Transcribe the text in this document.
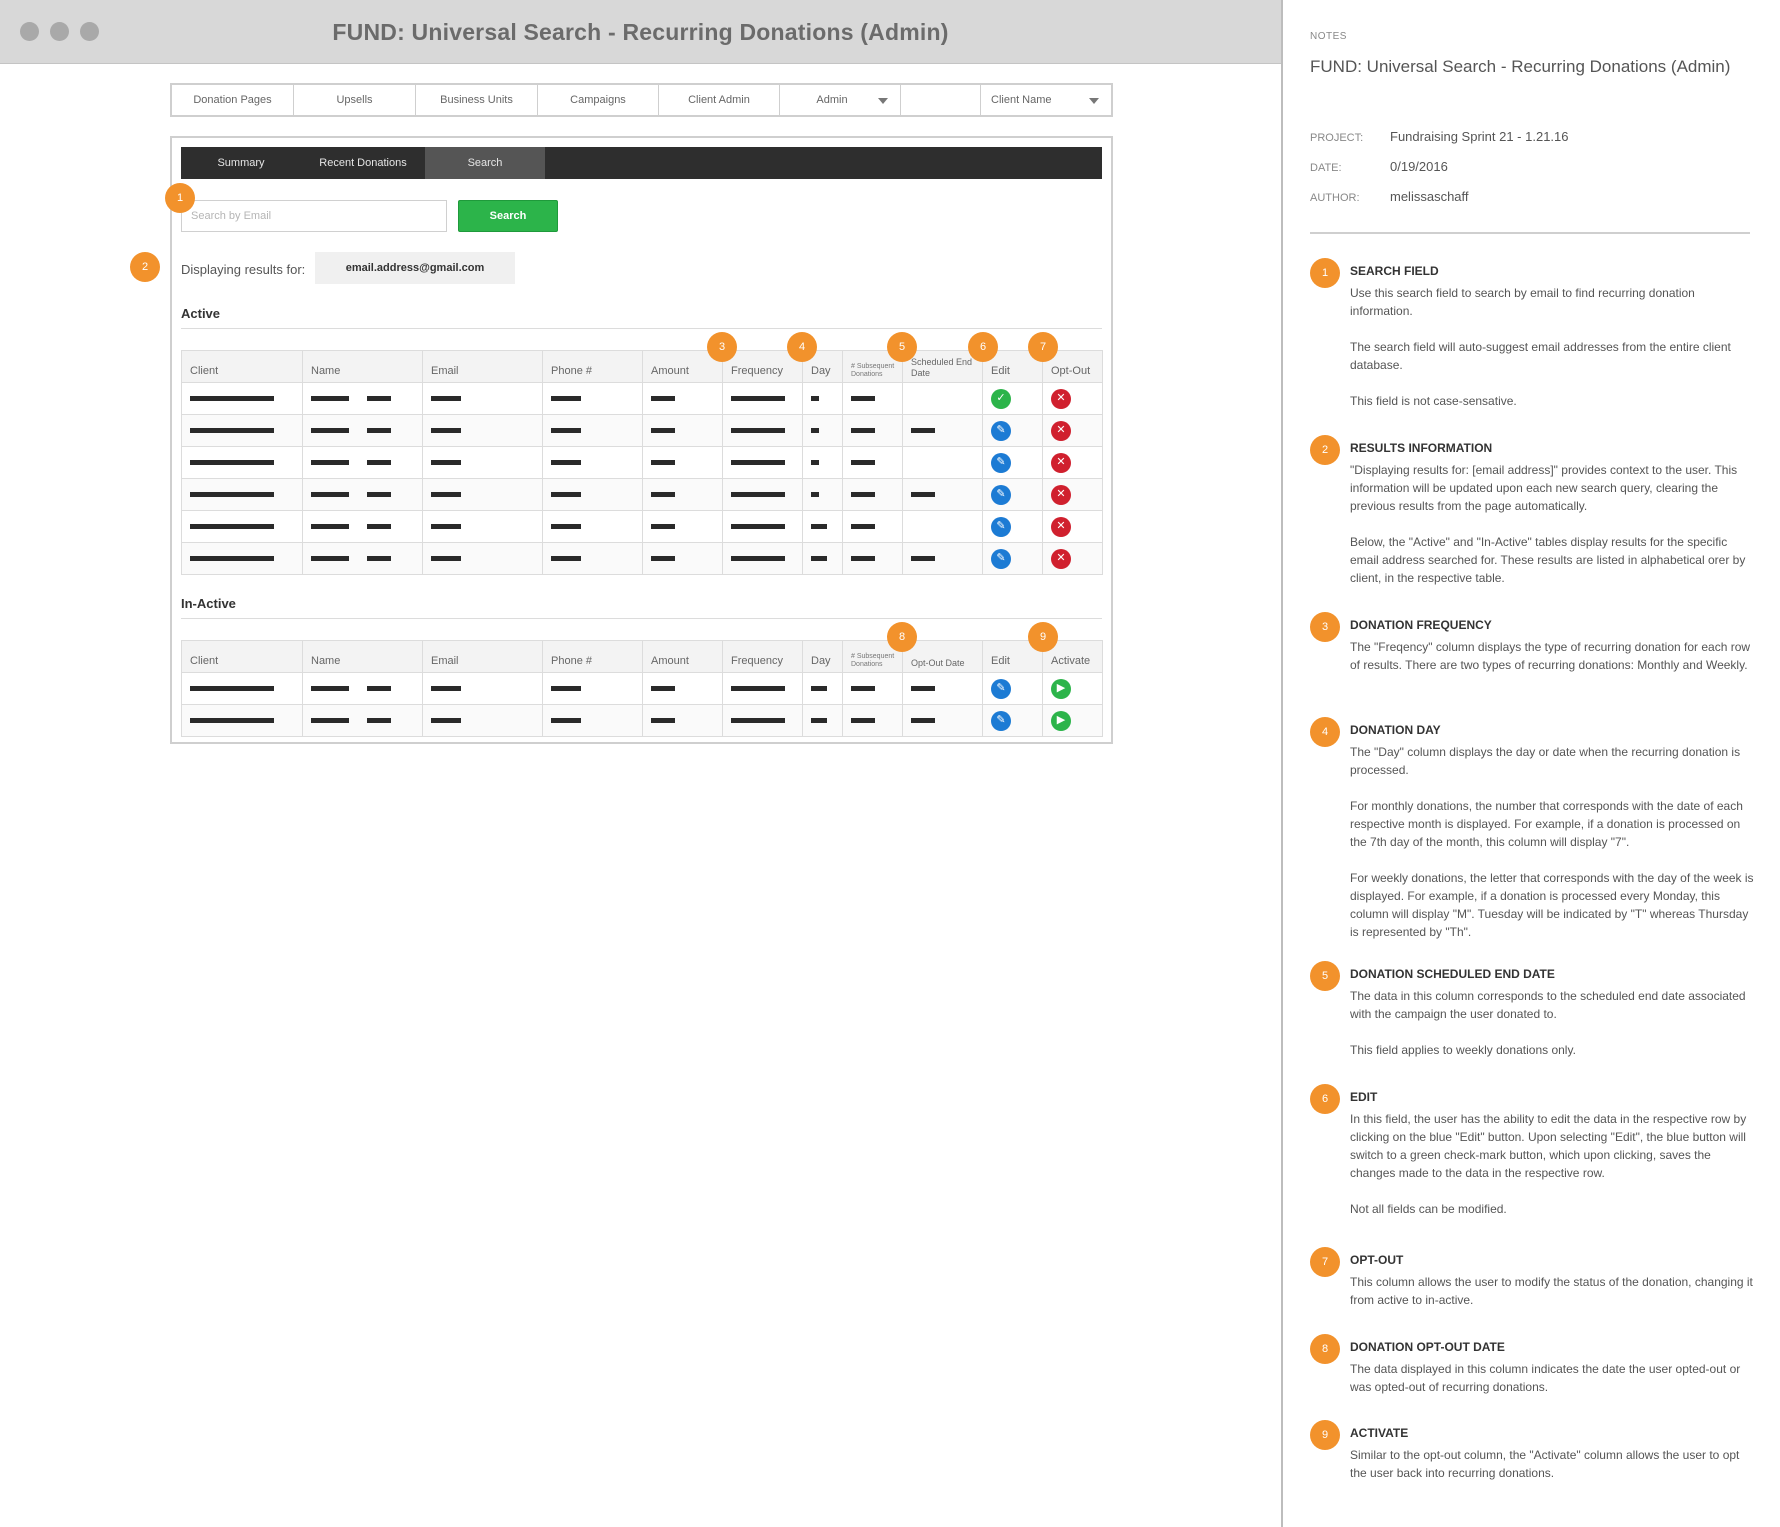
FUND: Universal Search - Recurring Donations (Admin)
Donation Pages	Upsells	Business Units	Campaigns	Client Admin	Admin	Client Name
Summary	Recent Donations	Search
Search by Email
Search
Displaying results for:	email.address@gmail.com
Active
Client	Name	Email	Phone #	Amount	Frequency	Day	# Subsequent Donations	Scheduled End Date	Edit	Opt-Out
									✓	✕
									✎	✕
									✎	✕
									✎	✕
									✎	✕
									✎	✕
In-Active
Client	Name	Email	Phone #	Amount	Frequency	Day	# Subsequent Donations	Opt-Out Date	Edit	Activate
									✎	▶
									✎	▶
1
2
3	4	5	6	7
8	9
NOTES
FUND: Universal Search - Recurring Donations (Admin)
PROJECT: Fundraising Sprint 21 - 1.21.16
DATE:	0/19/2016
AUTHOR: melissaschaff
1	SEARCH FIELD
Use this search field to search by email to find recurring donation information.
The search field will auto-suggest email addresses from the entire client database.
This field is not case-sensative.
2	RESULTS INFORMATION
"Displaying results for: [email address]" provides context to the user. This information will be updated upon each new search query, clearing the previous results from the page automatically.
Below, the "Active" and "In-Active" tables display results for the specific email address searched for. These results are listed in alphabetical orer by client, in the respective table.
3	DONATION FREQUENCY
The "Freqency" column displays the type of recurring donation for each row of results. There are two types of recurring donations: Monthly and Weekly.
4	DONATION DAY
The "Day" column displays the day or date when the recurring donation is processed.
For monthly donations, the number that corresponds with the date of each respective month is displayed. For example, if a donation is processed on the 7th day of the month, this column will display "7".
For weekly donations, the letter that corresponds with the day of the week is displayed. For example, if a donation is processed every Monday, this column will display "M". Tuesday will be indicated by "T" whereas Thursday is represented by "Th".
5	DONATION SCHEDULED END DATE
The data in this column corresponds to the scheduled end date associated with the campaign the user donated to.
This field applies to weekly donations only.
6	EDIT
In this field, the user has the ability to edit the data in the respective row by clicking on the blue "Edit" button. Upon selecting "Edit", the blue button will switch to a green check-mark button, which upon clicking, saves the changes made to the data in the respective row.
Not all fields can be modified.
7	OPT-OUT
This column allows the user to modify the status of the donation, changing it from active to in-active.
8	DONATION OPT-OUT DATE
The data displayed in this column indicates the date the user opted-out or was opted-out of recurring donations.
9	ACTIVATE
Similar to the opt-out column, the "Activate" column allows the user to opt the user back into recurring donations.
